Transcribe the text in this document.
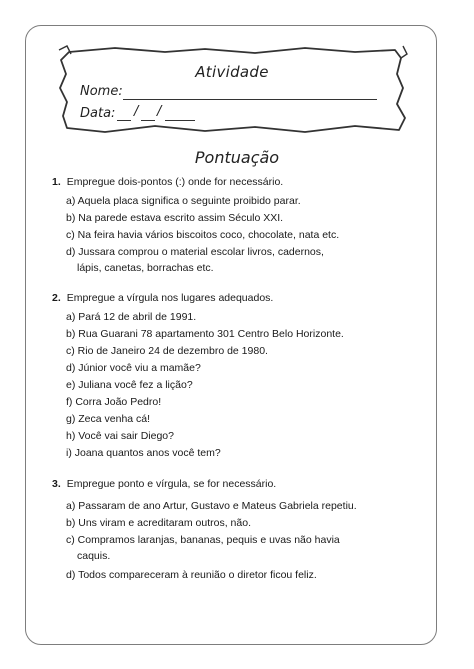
Atividade
Nome:
Data: / /
Pontuação
1. Empregue dois-pontos (:) onde for necessário.
a) Aquela placa significa o seguinte proibido parar.
b) Na parede estava escrito assim Século XXI.
c) Na feira havia vários biscoitos coco, chocolate, nata etc.
d) Jussara comprou o material escolar livros, cadernos,
lápis, canetas, borrachas etc.
2. Empregue a vírgula nos lugares adequados.
a) Pará 12 de abril de 1991.
b) Rua Guarani 78 apartamento 301 Centro Belo Horizonte.
c) Rio de Janeiro 24 de dezembro de 1980.
d) Júnior você viu a mamãe?
e) Juliana você fez a lição?
f) Corra João Pedro!
g) Zeca venha cá!
h) Você vai sair Diego?
i) Joana quantos anos você tem?
3. Empregue ponto e vírgula, se for necessário.
a) Passaram de ano Artur, Gustavo e Mateus Gabriela repetiu.
b) Uns viram e acreditaram outros, não.
c) Compramos laranjas, bananas, pequis e uvas não havia
caquis.
d) Todos compareceram à reunião o diretor ficou feliz.
